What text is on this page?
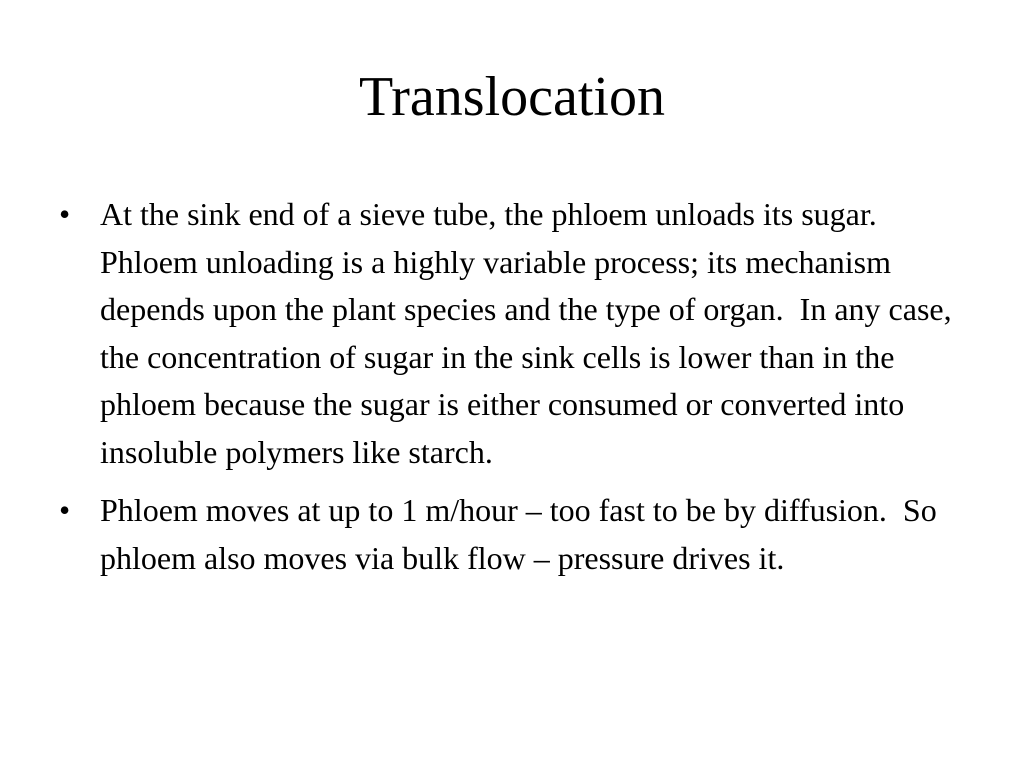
Translocation
• At the sink end of a sieve tube, the phloem unloads its sugar.  Phloem unloading is a highly variable process; its mechanism depends upon the plant species and the type of organ.  In any case, the concentration of sugar in the sink cells is lower than in the phloem because the sugar is either consumed or converted into insoluble polymers like starch.
• Phloem moves at up to 1 m/hour – too fast to be by diffusion.  So phloem also moves via bulk flow – pressure drives it.
